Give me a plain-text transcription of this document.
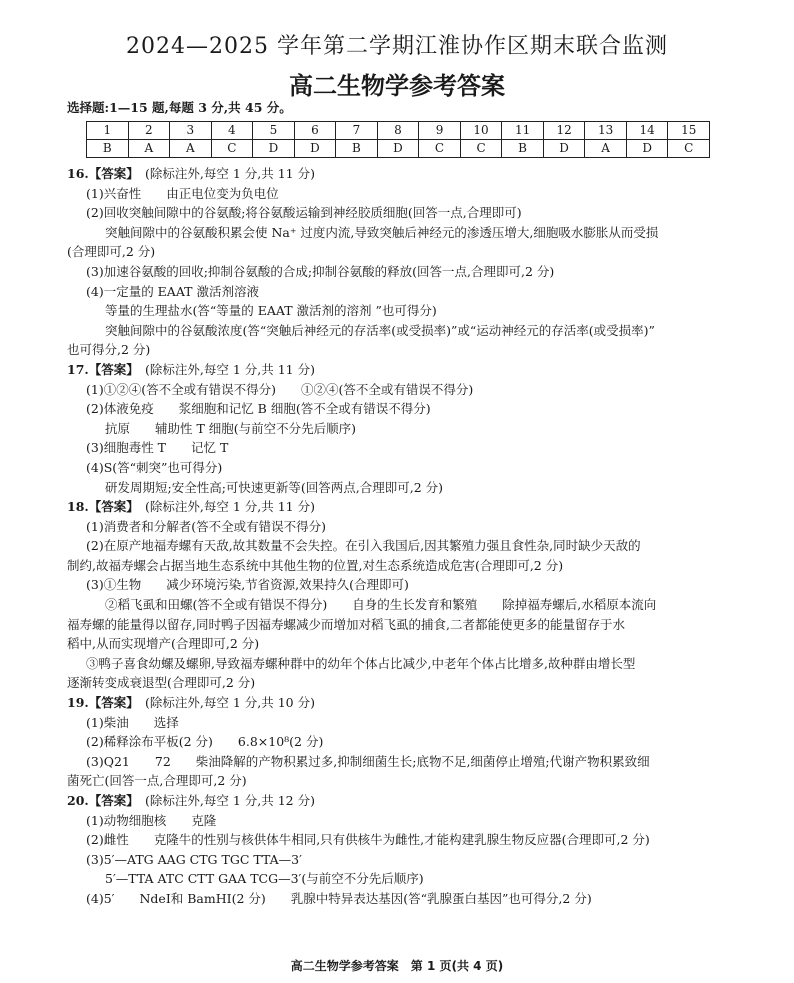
2024—2025 学年第二学期江淮协作区期末联合监测
高二生物学参考答案
选择题:1—15 题,每题 3 分,共 45 分。
1	2	3	4	5	6	7	8	9	10	11	12	13	14	15
B	A	A	C	D	D	B	D	C	C	B	D	A	D	C
16.【答案】　 (除标注外,每空 1 分,共 11 分)
(1)兴奋性　　由正电位变为负电位
(2)回收突触间隙中的谷氨酸;将谷氨酸运输到神经胶质细胞(回答一点,合理即可)
突触间隙中的谷氨酸积累会使 Na⁺ 过度内流,导致突触后神经元的渗透压增大,细胞吸水膨胀从而受损
(合理即可,2 分)
(3)加速谷氨酸的回收;抑制谷氨酸的合成;抑制谷氨酸的释放(回答一点,合理即可,2 分)
(4)一定量的 EAAT 激活剂溶液
等量的生理盐水(答“等量的 EAAT 激活剂的溶剂 ”也可得分)
突触间隙中的谷氨酸浓度(答“突触后神经元的存活率(或受损率)”或“运动神经元的存活率(或受损率)”
也可得分,2 分)
17.【答案】　 (除标注外,每空 1 分,共 11 分)
(1)①②④(答不全或有错误不得分)　　①②④(答不全或有错误不得分)
(2)体液免疫　　浆细胞和记忆 B 细胞(答不全或有错误不得分)
抗原　　辅助性 T 细胞(与前空不分先后顺序)
(3)细胞毒性 T　　记忆 T
(4)S(答“刺突”也可得分)
研发周期短;安全性高;可快速更新等(回答两点,合理即可,2 分)
18.【答案】　 (除标注外,每空 1 分,共 11 分)
(1)消费者和分解者(答不全或有错误不得分)
(2)在原产地福寿螺有天敌,故其数量不会失控。在引入我国后,因其繁殖力强且食性杂,同时缺少天敌的
制约,故福寿螺会占据当地生态系统中其他生物的位置,对生态系统造成危害(合理即可,2 分)
(3)①生物　　减少环境污染,节省资源,效果持久(合理即可)
②稻飞虱和田螺(答不全或有错误不得分)　　自身的生长发育和繁殖　　除掉福寿螺后,水稻原本流向
福寿螺的能量得以留存,同时鸭子因福寿螺减少而增加对稻飞虱的捕食,二者都能使更多的能量留存于水
稻中,从而实现增产(合理即可,2 分)
③鸭子喜食幼螺及螺卵,导致福寿螺种群中的幼年个体占比减少,中老年个体占比增多,故种群由增长型
逐渐转变成衰退型(合理即可,2 分)
19.【答案】　 (除标注外,每空 1 分,共 10 分)
(1)柴油　　选择
(2)稀释涂布平板(2 分)　　6.8×10⁸(2 分)
(3)Q21　　72　　柴油降解的产物积累过多,抑制细菌生长;底物不足,细菌停止增殖;代谢产物积累致细
菌死亡(回答一点,合理即可,2 分)
20.【答案】　 (除标注外,每空 1 分,共 12 分)
(1)动物细胞核　　克隆
(2)雌性　　克隆牛的性别与核供体牛相同,只有供核牛为雌性,才能构建乳腺生物反应器(合理即可,2 分)
(3)5′—ATG AAG CTG TGC TTA—3′
5′—TTA ATC CTT GAA TCG—3′(与前空不分先后顺序)
(4)5′　　NdeⅠ和 BamHⅠ(2 分)　　乳腺中特异表达基因(答“乳腺蛋白基因”也可得分,2 分)
高二生物学参考答案　第 1 页(共 4 页)
